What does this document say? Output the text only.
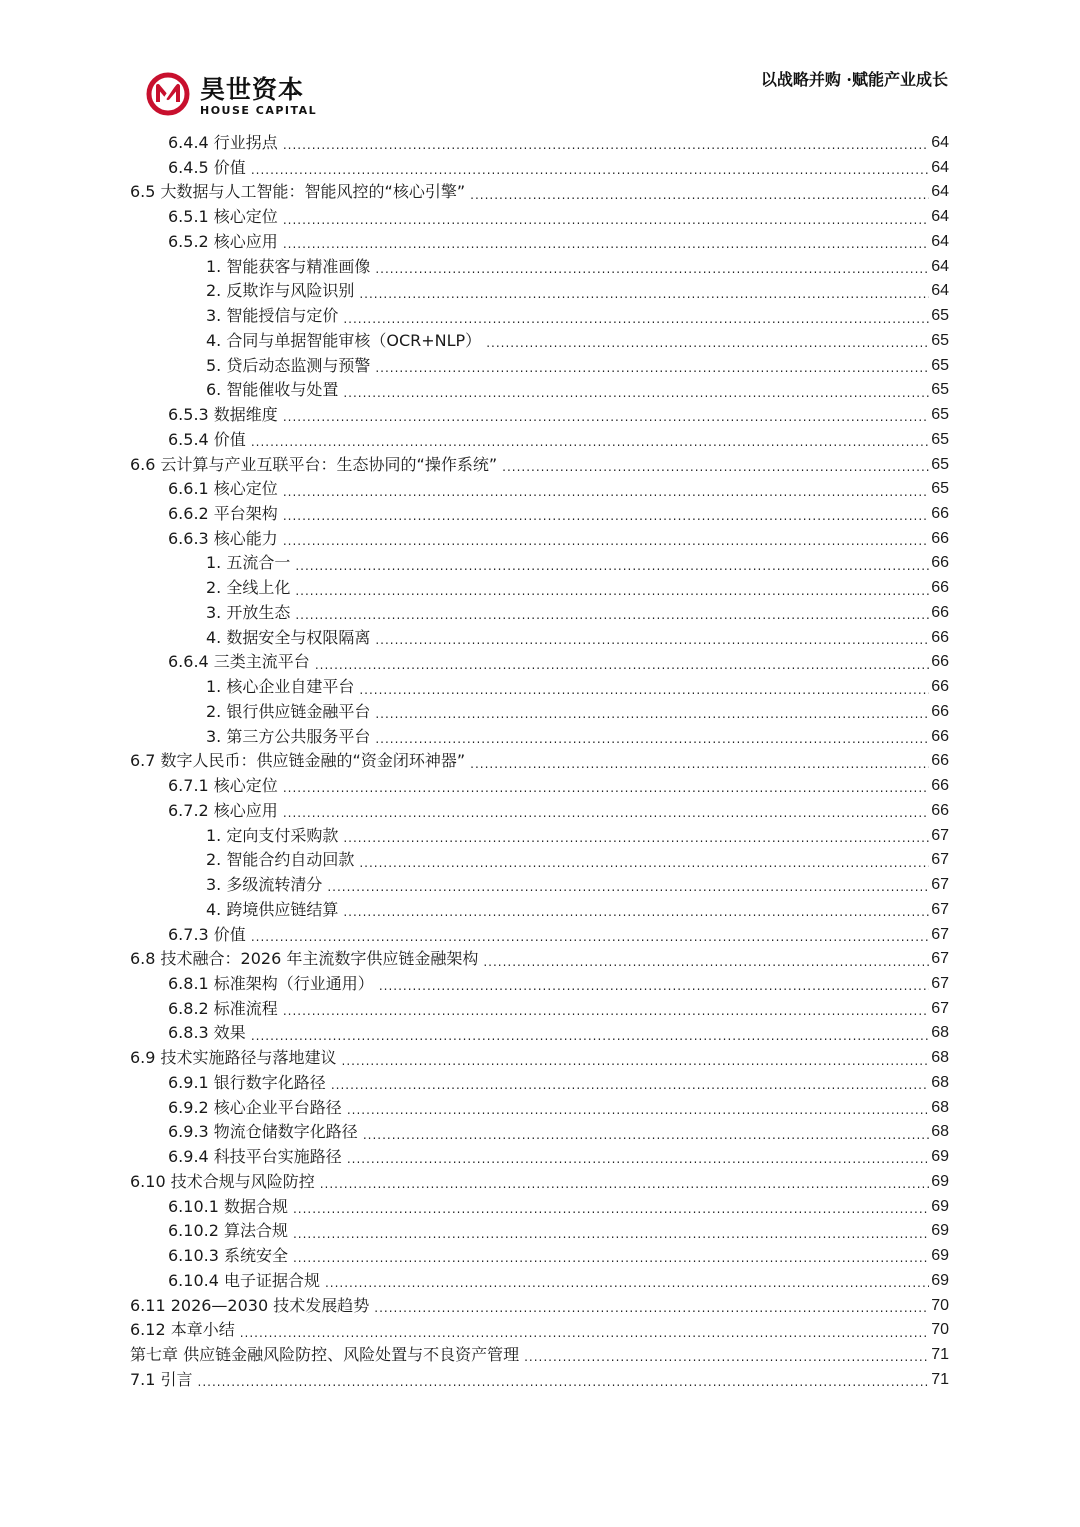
昊世资本
HOUSE CAPITAL
以战略并购 ·赋能产业成长
6.4.4 行业拐点 .....	64
6.4.5 价值 .....	64
6.5 大数据与人工智能：智能风控的“核心引擎” .....	64
6.5.1 核心定位 .....	64
6.5.2 核心应用 .....	64
1. 智能获客与精准画像 .....	64
2. 反欺诈与风险识别 .....	64
3. 智能授信与定价 .....	65
4. 合同与单据智能审核（OCR+NLP） .....	65
5. 贷后动态监测与预警 .....	65
6. 智能催收与处置 .....	65
6.5.3 数据维度 .....	65
6.5.4 价值 .....	65
6.6 云计算与产业互联平台：生态协同的“操作系统” .....	65
6.6.1 核心定位 .....	65
6.6.2 平台架构 .....	66
6.6.3 核心能力 .....	66
1. 五流合一 .....	66
2. 全线上化 .....	66
3. 开放生态 .....	66
4. 数据安全与权限隔离 .....	66
6.6.4 三类主流平台 .....	66
1. 核心企业自建平台 .....	66
2. 银行供应链金融平台 .....	66
3. 第三方公共服务平台 .....	66
6.7 数字人民币：供应链金融的“资金闭环神器” .....	66
6.7.1 核心定位 .....	66
6.7.2 核心应用 .....	66
1. 定向支付采购款 .....	67
2. 智能合约自动回款 .....	67
3. 多级流转清分 .....	67
4. 跨境供应链结算 .....	67
6.7.3 价值 .....	67
6.8 技术融合：2026 年主流数字供应链金融架构 .....	67
6.8.1 标准架构（行业通用） .....	67
6.8.2 标准流程 .....	67
6.8.3 效果 .....	68
6.9 技术实施路径与落地建议 .....	68
6.9.1 银行数字化路径 .....	68
6.9.2 核心企业平台路径 .....	68
6.9.3 物流仓储数字化路径 .....	68
6.9.4 科技平台实施路径 .....	69
6.10 技术合规与风险防控 .....	69
6.10.1 数据合规 .....	69
6.10.2 算法合规 .....	69
6.10.3 系统安全 .....	69
6.10.4 电子证据合规 .....	69
6.11 2026—2030 技术发展趋势 .....	70
6.12 本章小结 .....	70
第七章 供应链金融风险防控、风险处置与不良资产管理 .....	71
7.1 引言 .....	71
